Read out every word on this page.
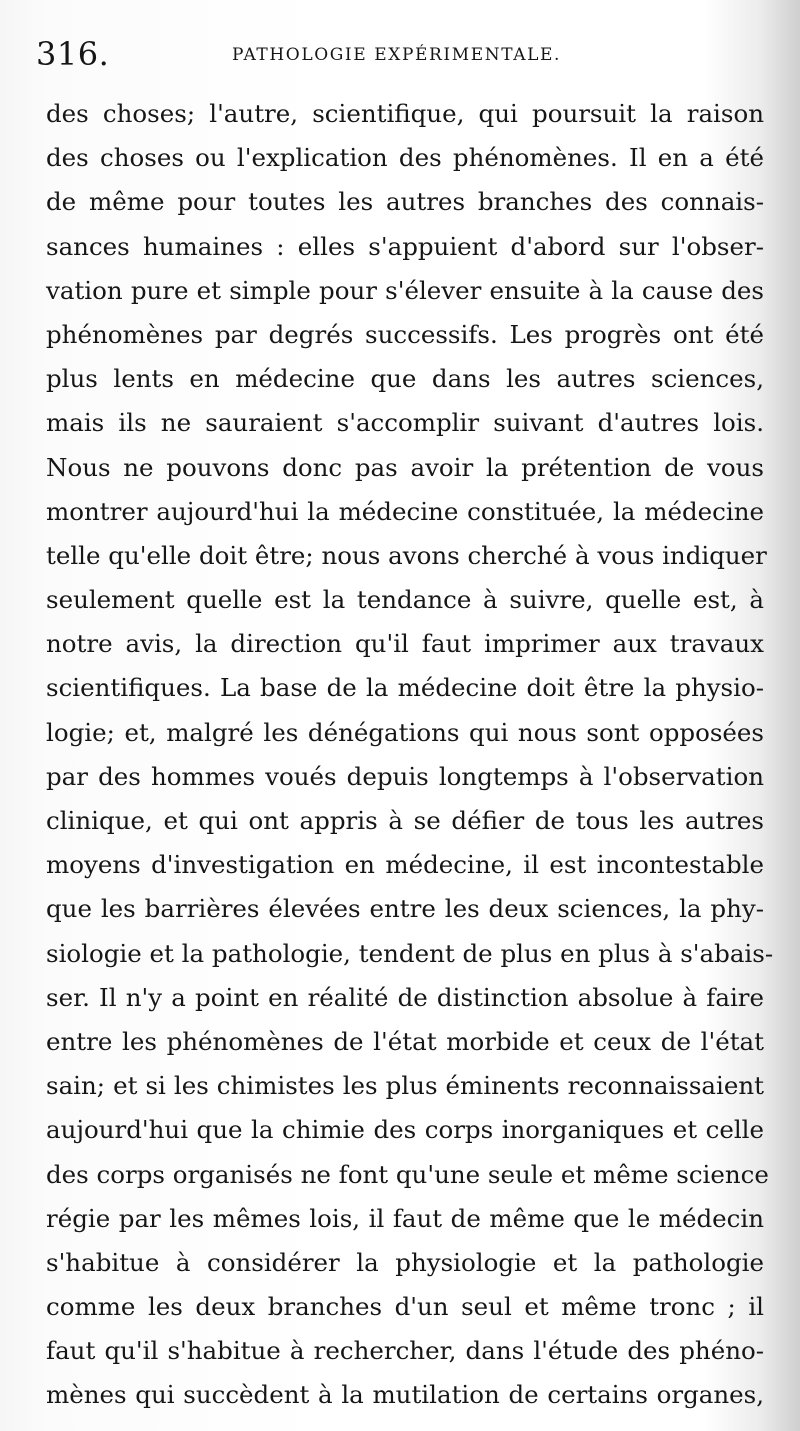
316.	PATHOLOGIE EXPÉRIMENTALE.
des choses; l'autre, scientifique, qui poursuit la raison
des choses ou l'explication des phénomènes. Il en a été
de même pour toutes les autres branches des connais-
sances humaines : elles s'appuient d'abord sur l'obser-
vation pure et simple pour s'élever ensuite à la cause des
phénomènes par degrés successifs. Les progrès ont été
plus lents en médecine que dans les autres sciences,
mais ils ne sauraient s'accomplir suivant d'autres lois.
Nous ne pouvons donc pas avoir la prétention de vous
montrer aujourd'hui la médecine constituée, la médecine
telle qu'elle doit être; nous avons cherché à vous indiquer
seulement quelle est la tendance à suivre, quelle est, à
notre avis, la direction qu'il faut imprimer aux travaux
scientifiques. La base de la médecine doit être la physio-
logie; et, malgré les dénégations qui nous sont opposées
par des hommes voués depuis longtemps à l'observation
clinique, et qui ont appris à se défier de tous les autres
moyens d'investigation en médecine, il est incontestable
que les barrières élevées entre les deux sciences, la phy-
siologie et la pathologie, tendent de plus en plus à s'abais-
ser. Il n'y a point en réalité de distinction absolue à faire
entre les phénomènes de l'état morbide et ceux de l'état
sain; et si les chimistes les plus éminents reconnaissaient
aujourd'hui que la chimie des corps inorganiques et celle
des corps organisés ne font qu'une seule et même science
régie par les mêmes lois, il faut de même que le médecin
s'habitue à considérer la physiologie et la pathologie
comme les deux branches d'un seul et même tronc ; il
faut qu'il s'habitue à rechercher, dans l'étude des phéno-
mènes qui succèdent à la mutilation de certains organes,
